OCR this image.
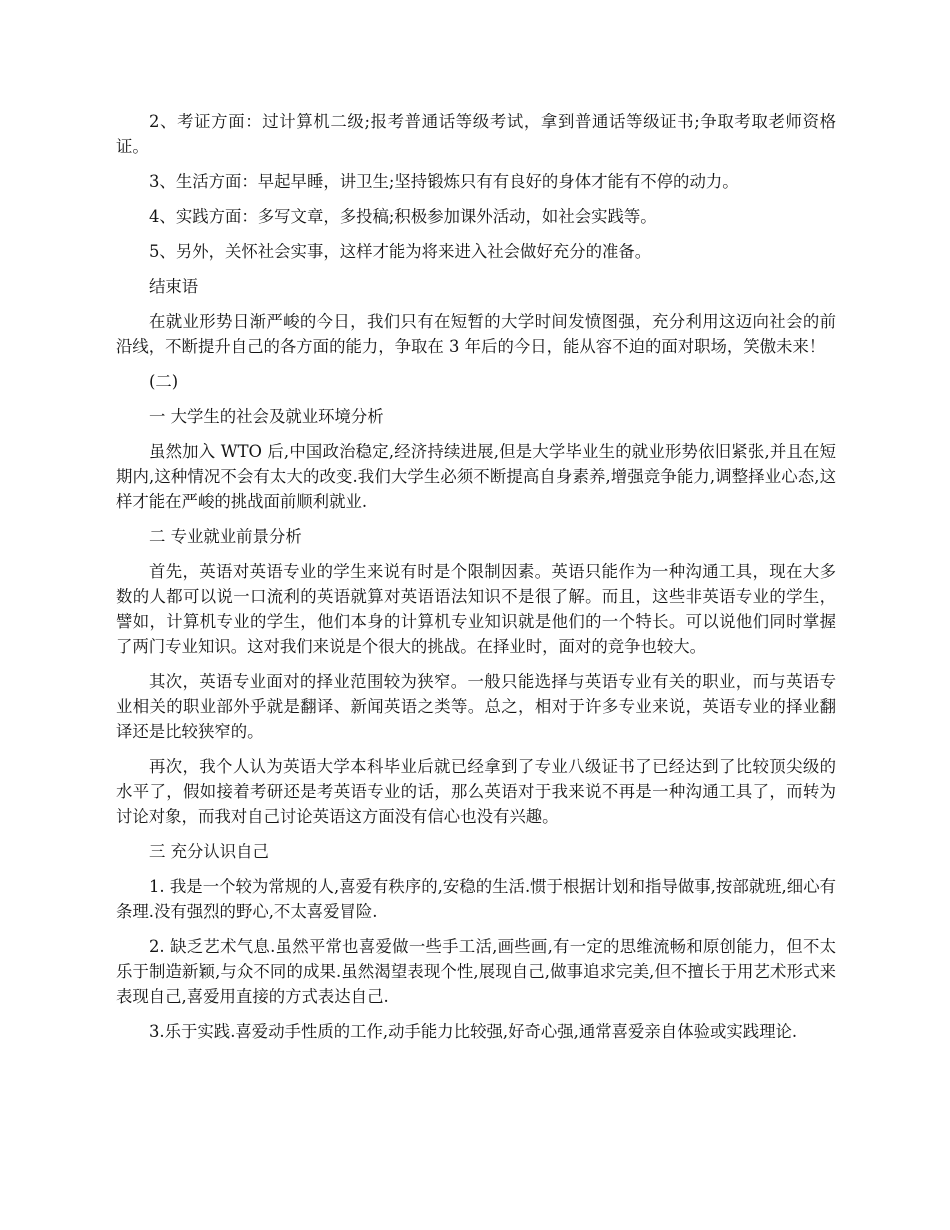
2、考证方面：过计算机二级;报考普通话等级考试，拿到普通话等级证书;争取考取老师资格证。

3、生活方面：早起早睡，讲卫生;坚持锻炼只有有良好的身体才能有不停的动力。

4、实践方面：多写文章，多投稿;积极参加课外活动，如社会实践等。

5、另外，关怀社会实事，这样才能为将来进入社会做好充分的准备。

结束语

在就业形势日渐严峻的今日，我们只有在短暂的大学时间发愤图强，充分利用这迈向社会的前沿线，不断提升自己的各方面的能力，争取在 3 年后的今日，能从容不迫的面对职场，笑傲未来！

(二)

一 大学生的社会及就业环境分析

虽然加入 WTO 后,中国政治稳定,经济持续进展,但是大学毕业生的就业形势依旧紧张,并且在短期内,这种情况不会有太大的改变.我们大学生必须不断提高自身素养,增强竞争能力,调整择业心态,这样才能在严峻的挑战面前顺利就业.

二 专业就业前景分析

首先，英语对英语专业的学生来说有时是个限制因素。英语只能作为一种沟通工具，现在大多数的人都可以说一口流利的英语就算对英语语法知识不是很了解。而且，这些非英语专业的学生，譬如，计算机专业的学生，他们本身的计算机专业知识就是他们的一个特长。可以说他们同时掌握了两门专业知识。这对我们来说是个很大的挑战。在择业时，面对的竞争也较大。

其次，英语专业面对的择业范围较为狭窄。一般只能选择与英语专业有关的职业，而与英语专业相关的职业部外乎就是翻译、新闻英语之类等。总之，相对于许多专业来说，英语专业的择业翻译还是比较狭窄的。

再次，我个人认为英语大学本科毕业后就已经拿到了专业八级证书了已经达到了比较顶尖级的水平了，假如接着考研还是考英语专业的话，那么英语对于我来说不再是一种沟通工具了，而转为讨论对象，而我对自己讨论英语这方面没有信心也没有兴趣。

三 充分认识自己

1. 我是一个较为常规的人,喜爱有秩序的,安稳的生活.惯于根据计划和指导做事,按部就班,细心有条理.没有强烈的野心,不太喜爱冒险.

2. 缺乏艺术气息.虽然平常也喜爱做一些手工活,画些画,有一定的思维流畅和原创能力，但不太乐于制造新颖,与众不同的成果.虽然渴望表现个性,展现自己,做事追求完美,但不擅长于用艺术形式来表现自己,喜爱用直接的方式表达自己.

3.乐于实践.喜爱动手性质的工作,动手能力比较强,好奇心强,通常喜爱亲自体验或实践理论.
